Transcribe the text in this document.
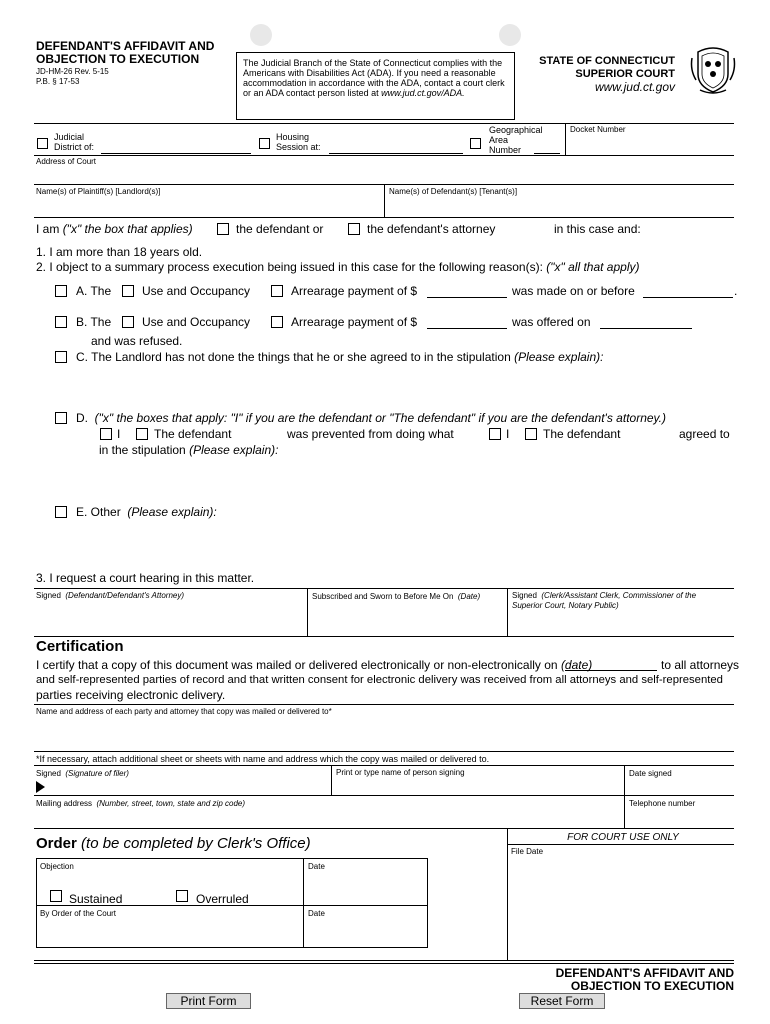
DEFENDANT'S AFFIDAVIT AND
OBJECTION TO EXECUTION
JD-HM-26 Rev. 5-15
P.B. § 17-53
The Judicial Branch of the State of Connecticut complies with the Americans with Disabilities Act (ADA). If you need a reasonable accommodation in accordance with the ADA, contact a court clerk or an ADA contact person listed at www.jud.ct.gov/ADA.
STATE OF CONNECTICUT
SUPERIOR COURT
www.jud.ct.gov
Judicial
District of:
Housing
Session at:
Geographical
Area
Number
Docket Number
Address of Court
Name(s) of Plaintiff(s) [Landlord(s)]	Name(s) of Defendant(s) [Tenant(s)]
I am ("x" the box that applies)	the defendant or	the defendant's attorney	in this case and:
1. I am more than 18 years old.
2. I object to a summary process execution being issued in this case for the following reason(s): ("x" all that apply)
A. The	Use and Occupancy	Arrearage payment of $	was made on or before	.
B. The	Use and Occupancy	Arrearage payment of $	was offered on
and was refused.
C. The Landlord has not done the things that he or she agreed to in the stipulation (Please explain):
D. ("x" the boxes that apply: "I" if you are the defendant or "The defendant" if you are the defendant's attorney.)
I	The defendant	was prevented from doing what	I	The defendant	agreed to
in the stipulation (Please explain):
E. Other (Please explain):
3. I request a court hearing in this matter.
Signed (Defendant/Defendant's Attorney)	Subscribed and Sworn to Before Me On (Date)	Signed (Clerk/Assistant Clerk, Commissioner of the
Superior Court, Notary Public)
Certification
I certify that a copy of this document was mailed or delivered electronically or non-electronically on (date)	to all attorneys
and self-represented parties of record and that written consent for electronic delivery was received from all attorneys and self-represented
parties receiving electronic delivery.
Name and address of each party and attorney that copy was mailed or delivered to*
*If necessary, attach additional sheet or sheets with name and address which the copy was mailed or delivered to.
Signed (Signature of filer)	Print or type name of person signing	Date signed
Mailing address (Number, street, town, state and zip code)	Telephone number
Order (to be completed by Clerk's Office)	FOR COURT USE ONLY
File Date
Objection	Date
Sustained	Overruled
By Order of the Court	Date
DEFENDANT'S AFFIDAVIT AND
OBJECTION TO EXECUTION
Print Form	Reset Form
